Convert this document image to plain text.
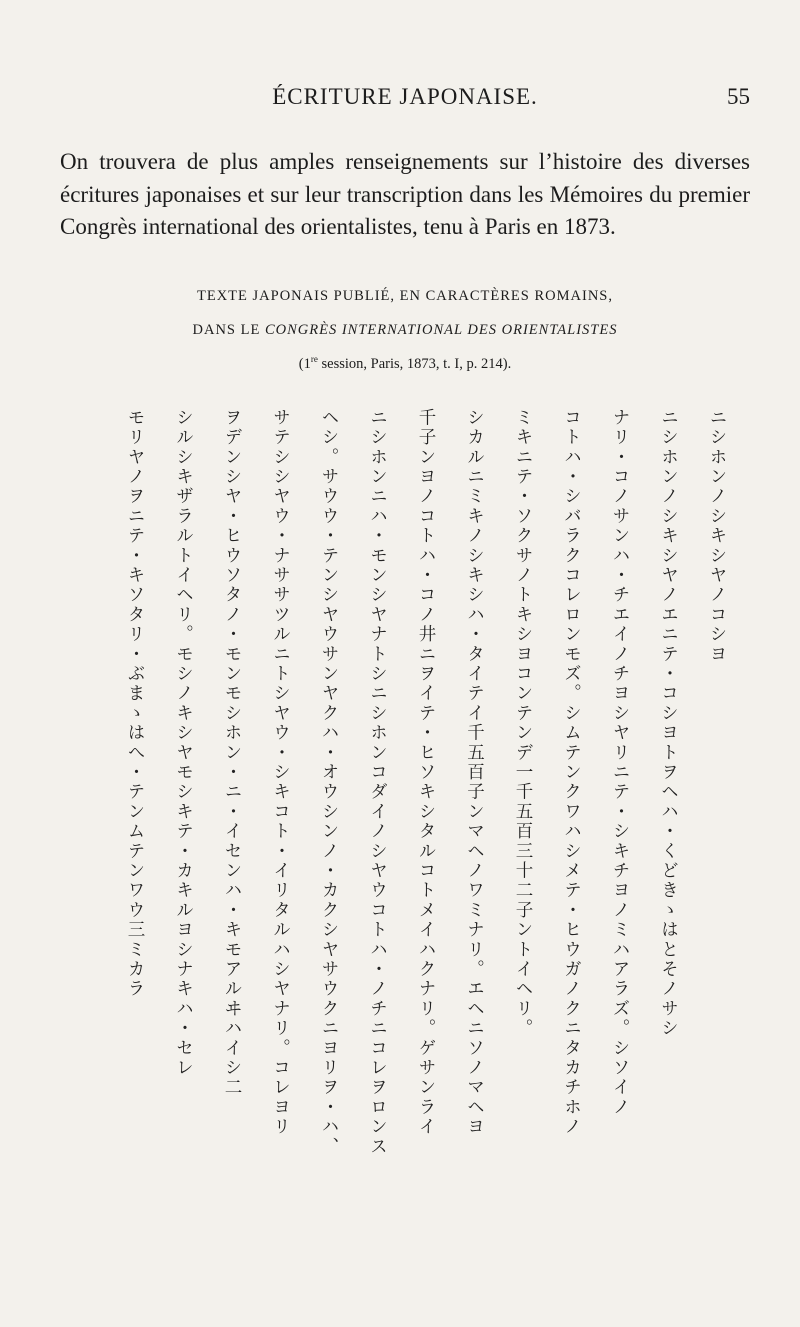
ÉCRITURE JAPONAISE.	55

On trouvera de plus amples renseignements sur l’histoire des diverses écritures japonaises et sur leur transcription dans les Mémoires du premier Congrès international des orientalistes, tenu à Paris en 1873.

TEXTE JAPONAIS PUBLIÉ, EN CARACTÈRES ROMAINS,
DANS LE CONGRÈS INTERNATIONAL DES ORIENTALISTES
(1re session, Paris, 1873, t. I, p. 214).
ニシホンノシキシヤノコシヨ
ニシホンノシキシヤノエニテ・コシヨトヲヘハ・くどきゝはとそノサシ
ナリ・コノサンハ・チエイノチヨシヤリニテ・シキチヨノミハアラズ。シソイノ
コトハ・シバラクコレロンモズ。シムテンクワハシメテ・ヒウガノクニタカチホノ
ミキニテ・ソクサノトキシヨコンテンデ一千五百三十二子ントイヘリ。
シカルニミキノシキシハ・タイテイ千五百子ンマヘノワミナリ。エヘニソノマヘヨ
千子ンヨノコトハ・コノ井ニヲイテ・ヒソキシタルコトメイハクナリ。ゲサンライ
ニシホンニハ・モンシヤナトシニシホンコダイノシヤウコトハ・ノチニコレヲロンス
ヘシ。サウウ・テンシヤウサンヤクハ・オウシンノ・カクシヤサウクニヨリヲ・ハ、
サテシシヤウ・ナササツルニトシヤウ・シキコト・イリタルハシヤナリ。コレヨリ
ヲデンシヤ・ヒウソタノ・モンモシホン・ニ・イセンハ・キモアルヰハイシ二
シルシキザラルトイヘリ。モシノキシヤモシキテ・カキルヨシナキハ・セレ
モリヤノヲニテ・キソタリ・ぶまゝはへ・テンムテンワウ三ミカラ
